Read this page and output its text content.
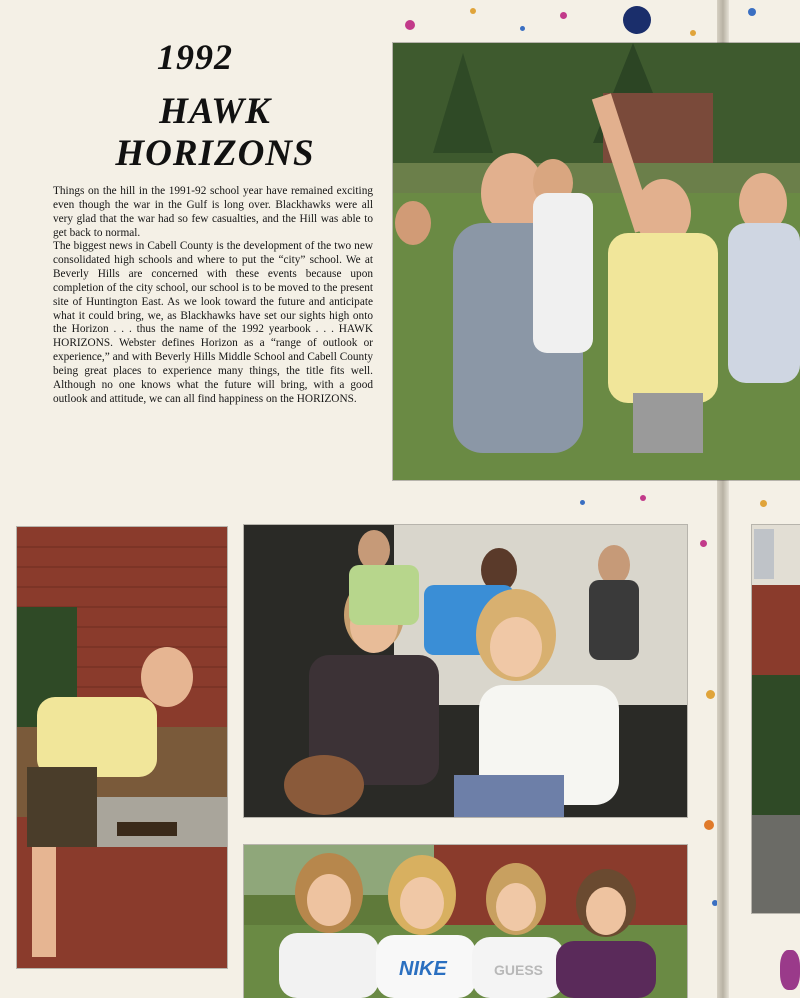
1992
HAWK
HORIZONS

Things on the hill in the 1991-92 school year have remained exciting even though the war in the Gulf is long over. Blackhawks were all very glad that the war had so few casualties, and the Hill was able to get back to normal.

The biggest news in Cabell County is the development of the two new consolidated high schools and where to put the “city” school. We at Beverly Hills are concerned with these events because upon completion of the city school, our school is to be moved to the present site of Huntington East. As we look toward the future and anticipate what it could bring, we, as Blackhawks have set our sights high onto the Horizon . . . thus the name of the 1992 yearbook . . . HAWK HORIZONS. Webster defines Horizon as a “range of outlook or experience,” and with Beverly Hills Middle School and Cabell County being great places to experience many things, the title fits well. Although no one knows what the future will bring, with a good outlook and attitude, we can all find happiness on the HORIZONS.

NIKE	GUESS
